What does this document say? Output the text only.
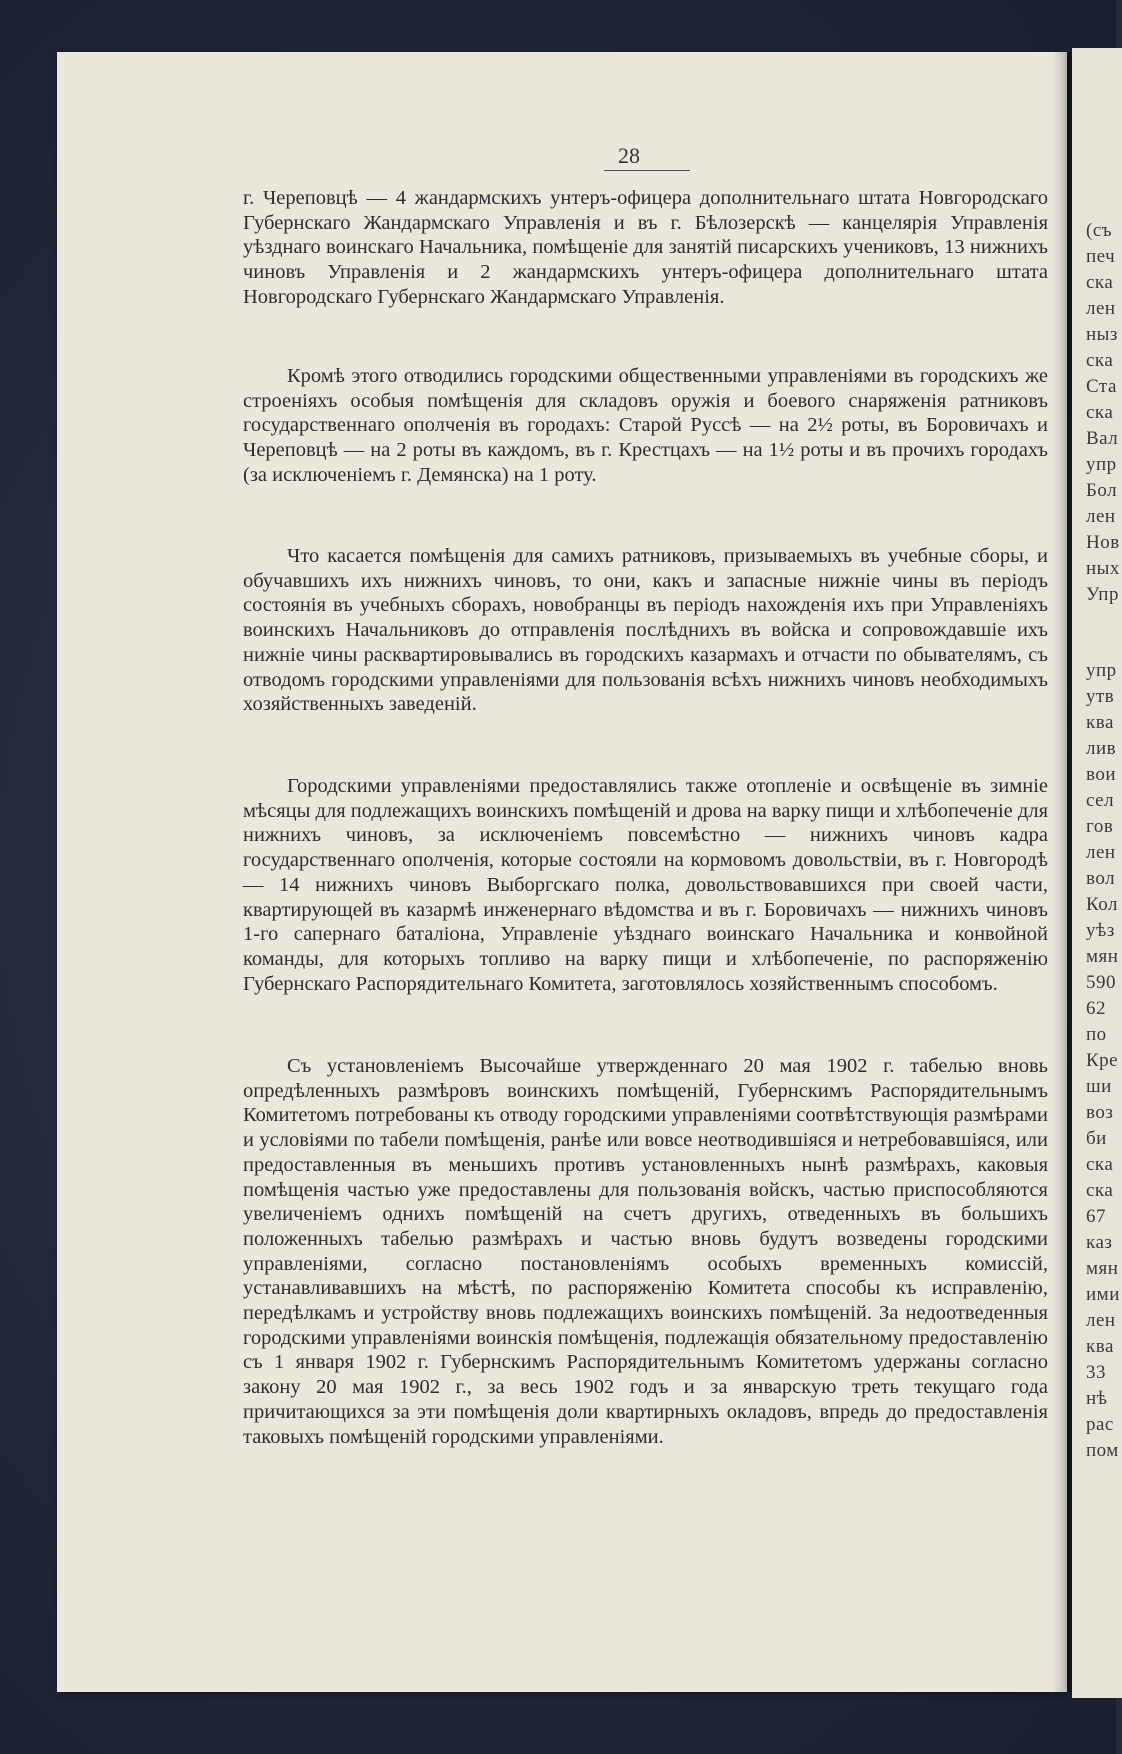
28

г. Череповцѣ — 4 жандармскихъ унтеръ-офицера дополнительнаго штата Новгородскаго Губернскаго Жандармскаго Управленія и въ г. Бѣлозерскѣ — канцелярія Управленія уѣзднаго воинскаго Начальника, помѣщеніе для занятій писарскихъ учениковъ, 13 нижнихъ чиновъ Управленія и 2 жандармскихъ унтеръ-офицера дополнительнаго штата Новгородскаго Губернскаго Жандармскаго Управленія.

Кромѣ этого отводились городскими общественными управленіями въ городскихъ же строеніяхъ особыя помѣщенія для складовъ оружія и боевого снаряженія ратниковъ государственнаго ополченія въ городахъ: Старой Руссѣ — на 2½ роты, въ Боровичахъ и Череповцѣ — на 2 роты въ каждомъ, въ г. Крестцахъ — на 1½ роты и въ прочихъ городахъ (за исключеніемъ г. Демянска) на 1 роту.

Что касается помѣщенія для самихъ ратниковъ, призываемыхъ въ учебные сборы, и обучавшихъ ихъ нижнихъ чиновъ, то они, какъ и запасные нижніе чины въ періодъ состоянія въ учебныхъ сборахъ, новобранцы въ періодъ нахожденія ихъ при Управленіяхъ воинскихъ Начальниковъ до отправленія послѣднихъ въ войска и сопровождавшіе ихъ нижніе чины расквартировывались въ городскихъ казармахъ и отчасти по обывателямъ, съ отводомъ городскими управленіями для пользованія всѣхъ нижнихъ чиновъ необходимыхъ хозяйственныхъ заведеній.

Городскими управленіями предоставлялись также отопленіе и освѣщеніе въ зимніе мѣсяцы для подлежащихъ воинскихъ помѣщеній и дрова на варку пищи и хлѣбопеченіе для нижнихъ чиновъ, за исключеніемъ повсемѣстно — нижнихъ чиновъ кадра государственнаго ополченія, которые состояли на кормовомъ довольствіи, въ г. Новгородѣ — 14 нижнихъ чиновъ Выборгскаго полка, довольствовавшихся при своей части, квартирующей въ казармѣ инженернаго вѣдомства и въ г. Боровичахъ — нижнихъ чиновъ 1-го сапернаго баталіона, Управленіе уѣзднаго воинскаго Начальника и конвойной команды, для которыхъ топливо на варку пищи и хлѣбопеченіе, по распоряженію Губернскаго Распорядительнаго Комитета, заготовлялось хозяйственнымъ способомъ.

Съ установленіемъ Высочайше утвержденнаго 20 мая 1902 г. табелью вновь опредѣленныхъ размѣровъ воинскихъ помѣщеній, Губернскимъ Распорядительнымъ Комитетомъ потребованы къ отводу городскими управленіями соотвѣтствующія размѣрами и условіями по табели помѣщенія, ранѣе или вовсе неотводившіяся и нетребовавшіяся, или предоставленныя въ меньшихъ противъ установленныхъ нынѣ размѣрахъ, каковыя помѣщенія частью уже предоставлены для пользованія войскъ, частью приспособляются увеличеніемъ однихъ помѣщеній на счетъ другихъ, отведенныхъ въ большихъ положенныхъ табелью размѣрахъ и частью вновь будутъ возведены городскими управленіями, согласно постановленіямъ особыхъ временныхъ комиссій, устанавливавшихъ на мѣстѣ, по распоряженію Комитета способы къ исправленію, передѣлкамъ и устройству вновь подлежащихъ воинскихъ помѣщеній. За недоотведенныя городскими управленіями воинскія помѣщенія, подлежащія обязательному предоставленію съ 1 января 1902 г. Губернскимъ Распорядительнымъ Комитетомъ удержаны согласно закону 20 мая 1902 г., за весь 1902 годъ и за январскую треть текущаго года причитающихся за эти помѣщенія доли квартирныхъ окладовъ, впредь до предоставленія таковыхъ помѣщеній городскими управленіями.

(съ
печ
ска
лен
ныз
ска
Ста
ска
Вал
упр
Бол
лен
Нов
ных
Упр
упр
утв
ква
лив
вои
сел
гов
лен
вол
Кол
уѣз
мян
590
62
по
Кре
ши
воз
би
ска
ска
67
каз
мян
ими
лен
ква
33
нѣ
рас
пом
